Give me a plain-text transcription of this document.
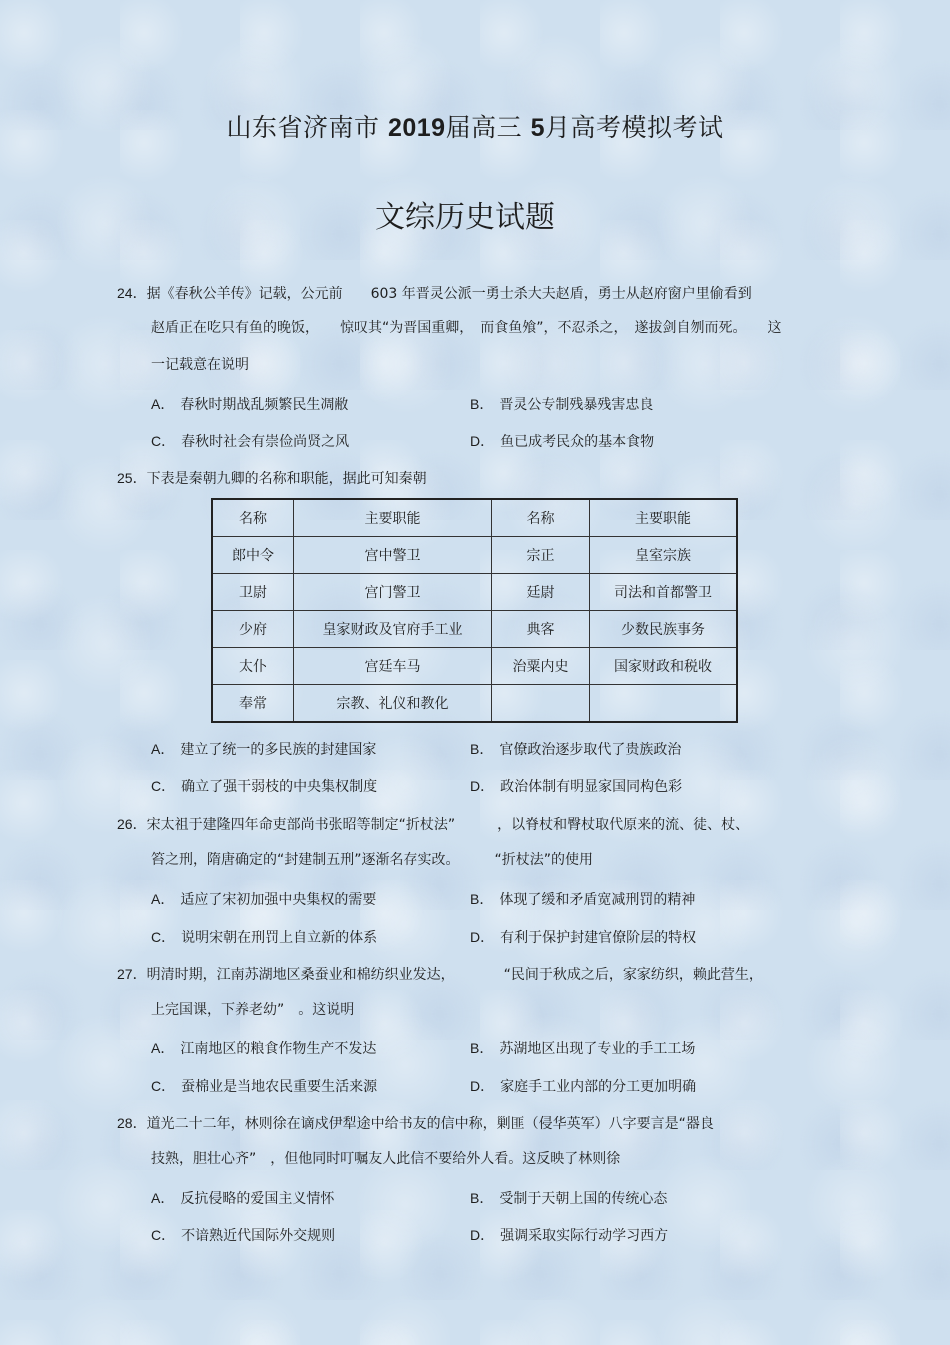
山东省济南市 2019届高三 5月高考模拟考试
文综历史试题
24．据《春秋公羊传》记载，公元前　　603 年晋灵公派一勇士杀大夫赵盾，勇士从赵府窗户里偷看到
赵盾正在吃只有鱼的晚饭，　　惊叹其“为晋国重卿，　而食鱼飧”，不忍杀之，　遂拔剑自刎而死。　　这
一记载意在说明
A． 春秋时期战乱频繁民生凋敝	B． 晋灵公专制残暴残害忠良
C． 春秋时社会有崇俭尚贤之风	D． 鱼已成考民众的基本食物
25．下表是秦朝九卿的名称和职能，据此可知秦朝
名称	主要职能	名称	主要职能
郎中令	宫中警卫	宗正	皇室宗族
卫尉	宫门警卫	廷尉	司法和首都警卫
少府	皇家财政及官府手工业	典客	少数民族事务
太仆	宫廷车马	治粟内史	国家财政和税收
奉常	宗教、礼仪和教化		
A． 建立了统一的多民族的封建国家	B． 官僚政治逐步取代了贵族政治
C． 确立了强干弱枝的中央集权制度	D． 政治体制有明显家国同构色彩
26．宋太祖于建隆四年命吏部尚书张昭等制定“折杖法”　　　，以脊杖和臀杖取代原来的流、徒、杖、
笞之刑，隋唐确定的“封建制五刑”逐渐名存实改。　　　“折杖法”的使用
A． 适应了宋初加强中央集权的需要	B． 体现了缓和矛盾宽减刑罚的精神
C． 说明宋朝在刑罚上自立新的体系	D． 有利于保护封建官僚阶层的特权
27．明清时期，江南苏湖地区桑蚕业和棉纺织业发达，　　　　“民间于秋成之后，家家纺织，赖此营生，
上完国课，下养老幼”　。这说明
A． 江南地区的粮食作物生产不发达	B． 苏湖地区出现了专业的手工工场
C． 蚕棉业是当地农民重要生活来源	D． 家庭手工业内部的分工更加明确
28．道光二十二年，林则徐在谪戍伊犁途中给书友的信中称，剿匪（侵华英军）八字要言是“器良
技熟，胆壮心齐”　，但他同时叮嘱友人此信不要给外人看。这反映了林则徐
A． 反抗侵略的爱国主义情怀	B． 受制于天朝上国的传统心态
C． 不谙熟近代国际外交规则	D． 强调采取实际行动学习西方
